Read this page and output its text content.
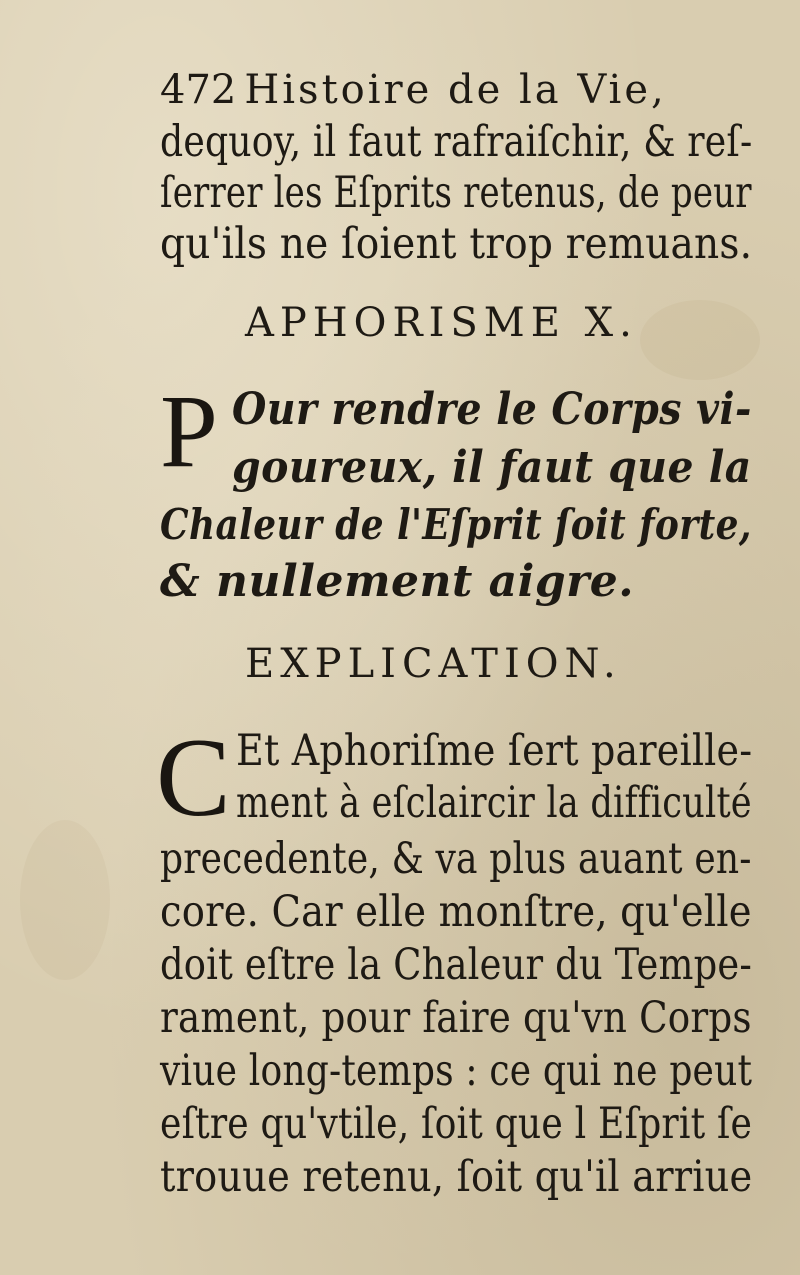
472 Histoire de la Vie,
dequoy, il faut rafraiſchir, & reſ-
ſerrer les Eſprits retenus, de peur
qu'ils ne ſoient trop remuans.
APHORISME X.
P Our rendre le Corps vi-
goureux, il faut que la
Chaleur de l'Eſprit ſoit forte,
& nullement aigre.
EXPLICATION.
C Et Aphoriſme ſert pareille-
ment à eſclaircir la difficulté
precedente, & va plus auant en-
core. Car elle monſtre, qu'elle
doit eſtre la Chaleur du Tempe-
rament, pour faire qu'vn Corps
viue long-temps : ce qui ne peut
eſtre qu'vtile, ſoit que l Eſprit ſe
trouue retenu, ſoit qu'il arriue
